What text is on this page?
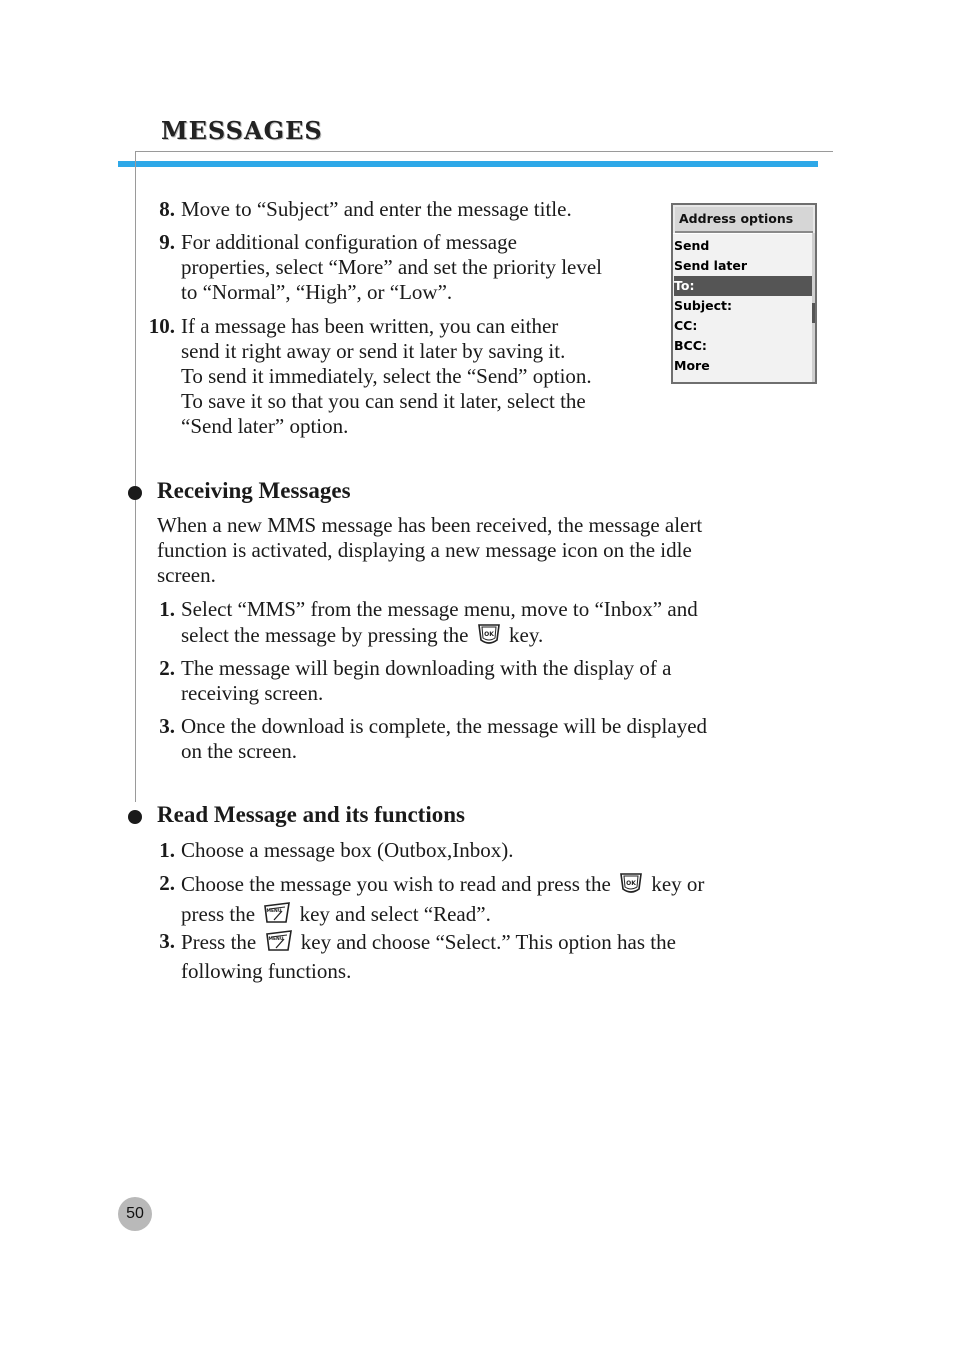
MESSAGES
8. Move to “Subject” and enter the message title.
9. For additional configuration of message
properties, select “More” and set the priority level
to “Normal”, “High”, or “Low”.
10. If a message has been written, you can either
send it right away or send it later by saving it.
To send it immediately, select the “Send” option.
To save it so that you can send it later, select the
“Send later” option.
Address options
Send
Send later
To:
Subject:
CC:
BCC:
More
Receiving Messages
When a new MMS message has been received, the message alert
function is activated, displaying a new message icon on the idle
screen.
1. Select “MMS” from the message menu, move to “Inbox” and
select the message by pressing the	OK key.
2. The message will begin downloading with the display of a
receiving screen.
3. Once the download is complete, the message will be displayed
on the screen.
Read Message and its functions
1. Choose a message box (Outbox,Inbox).
2. Choose the message you wish to read and press the	OK key or
press the	MENU key and select “Read”.
3. Press the	MENU key and choose “Select.” This option has the
following functions.
50
